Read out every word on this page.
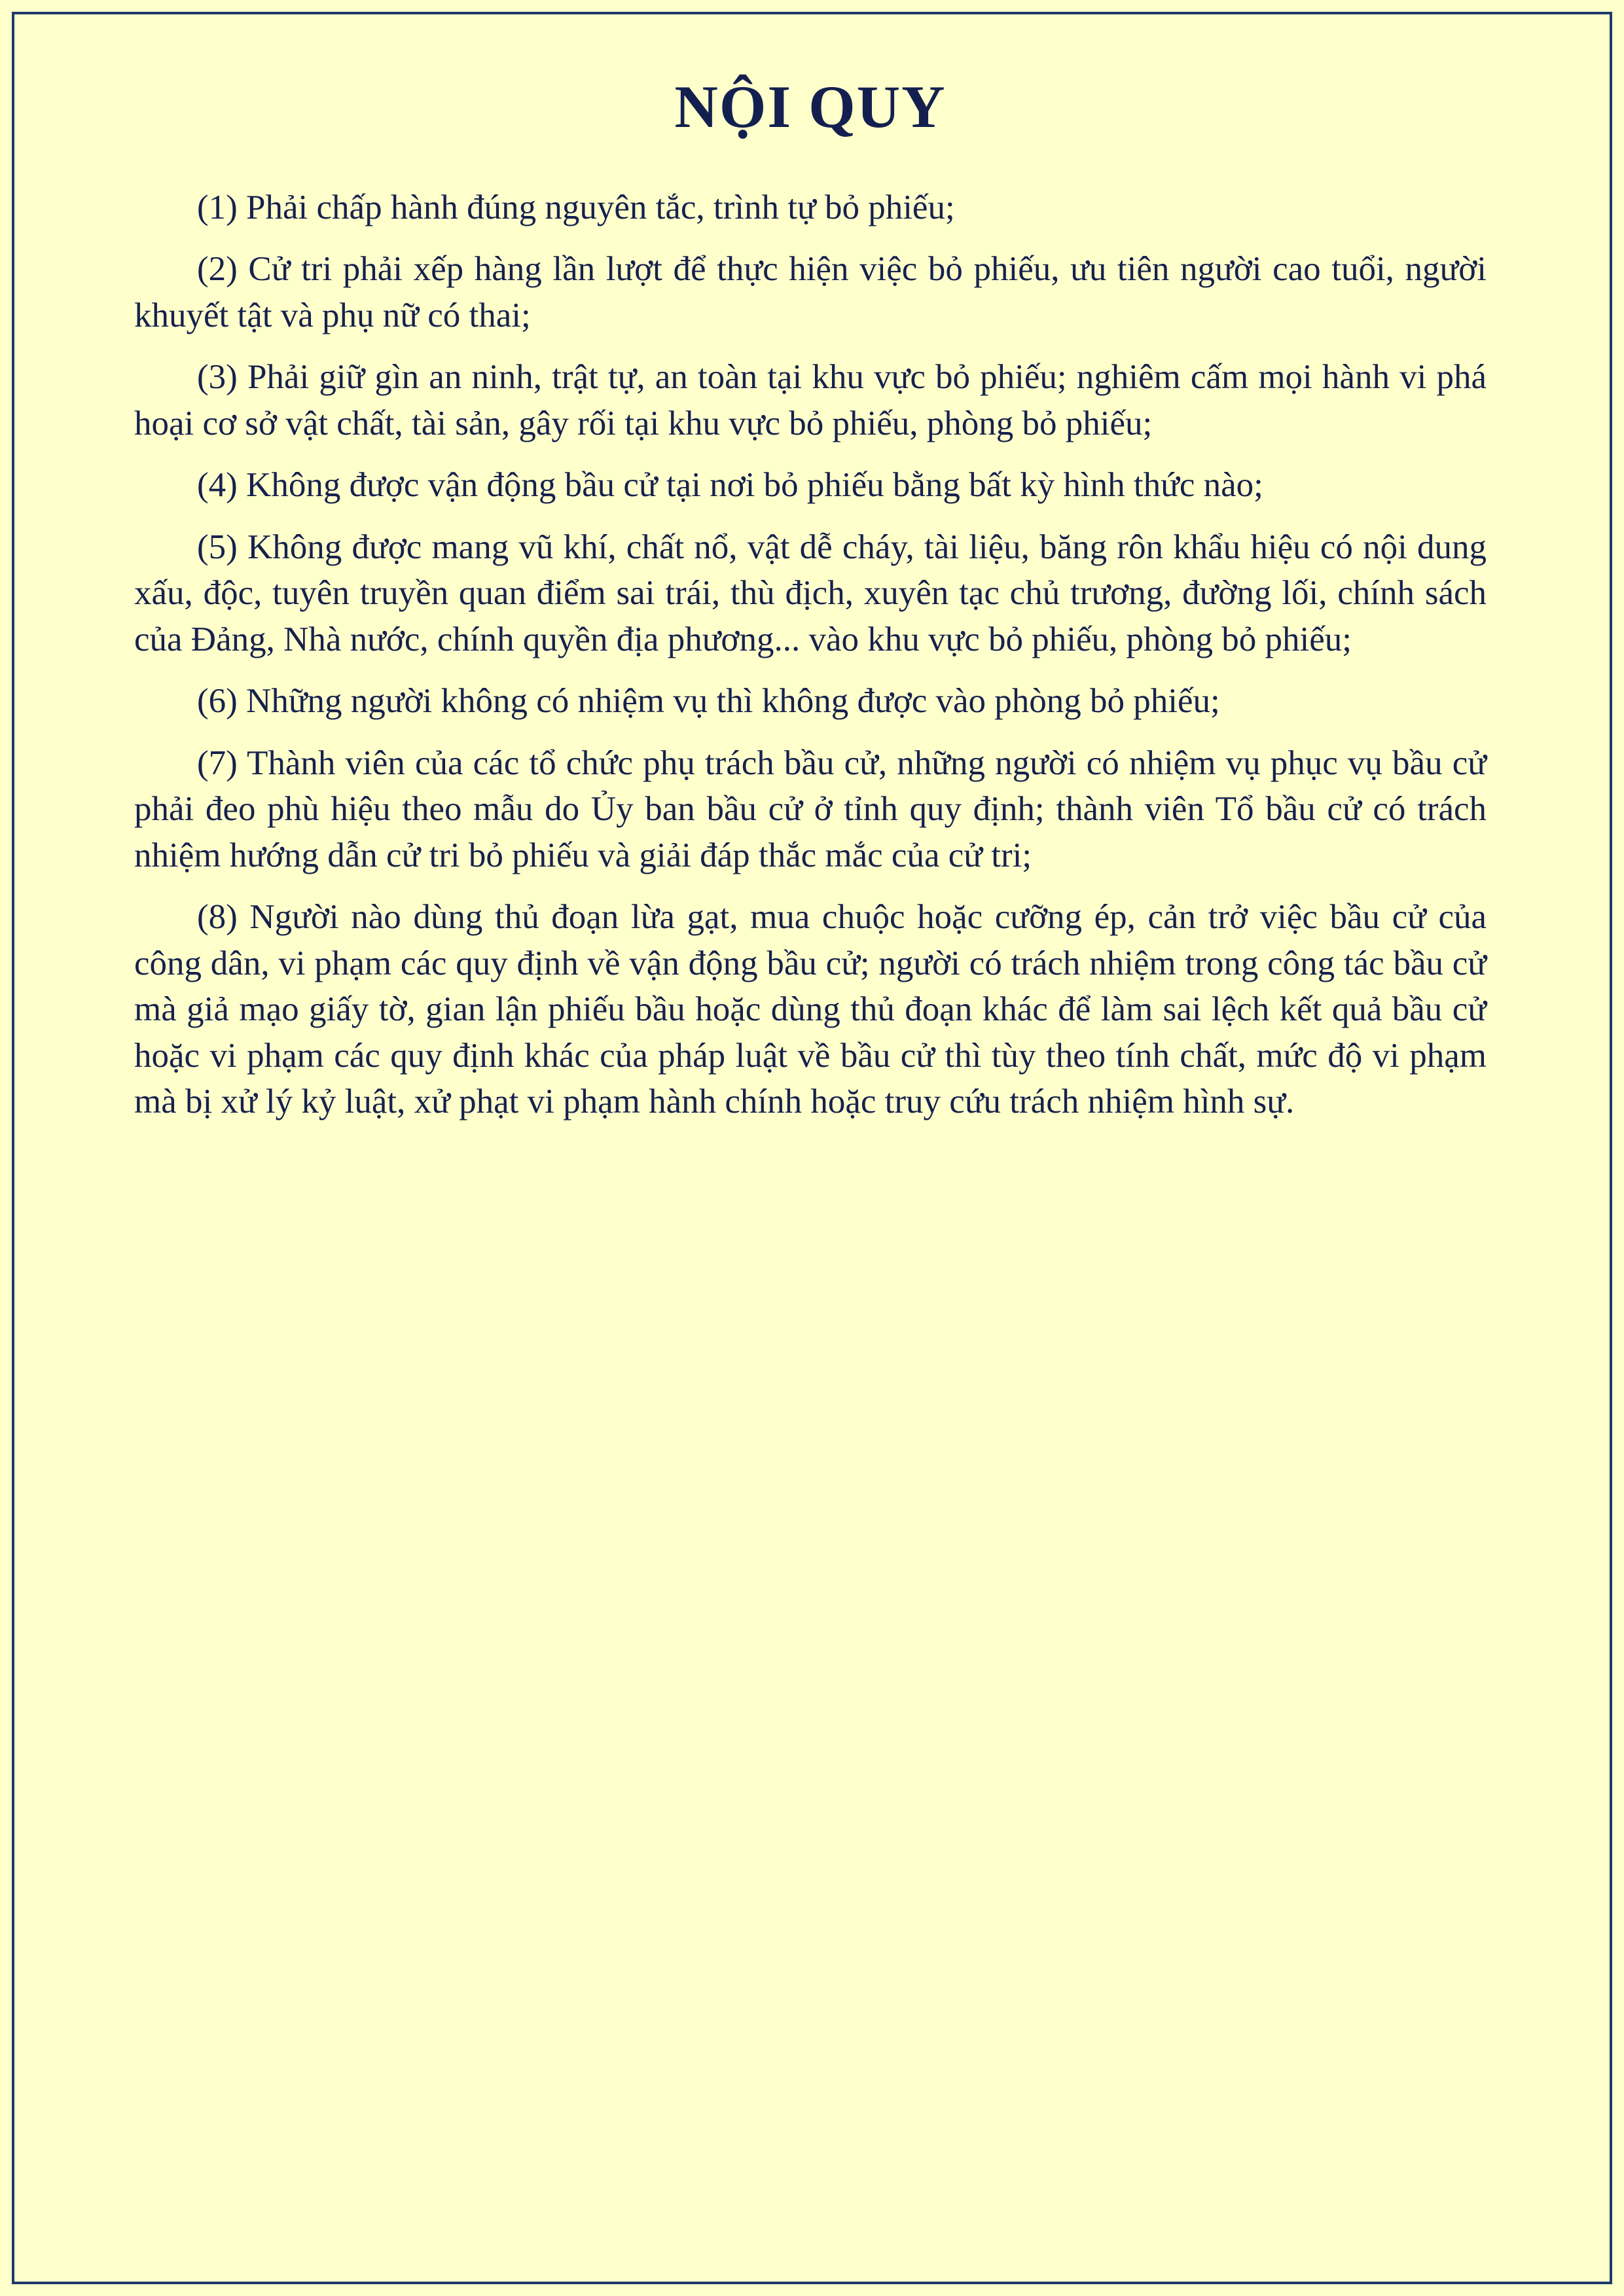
NỘI QUY

(1) Phải chấp hành đúng nguyên tắc, trình tự bỏ phiếu;

(2) Cử tri phải xếp hàng lần lượt để thực hiện việc bỏ phiếu, ưu tiên người cao tuổi, người khuyết tật và phụ nữ có thai;

(3) Phải giữ gìn an ninh, trật tự, an toàn tại khu vực bỏ phiếu; nghiêm cấm mọi hành vi phá hoại cơ sở vật chất, tài sản, gây rối tại khu vực bỏ phiếu, phòng bỏ phiếu;

(4) Không được vận động bầu cử tại nơi bỏ phiếu bằng bất kỳ hình thức nào;

(5) Không được mang vũ khí, chất nổ, vật dễ cháy, tài liệu, băng rôn khẩu hiệu có nội dung xấu, độc, tuyên truyền quan điểm sai trái, thù địch, xuyên tạc chủ trương, đường lối, chính sách của Đảng, Nhà nước, chính quyền địa phương... vào khu vực bỏ phiếu, phòng bỏ phiếu;

(6) Những người không có nhiệm vụ thì không được vào phòng bỏ phiếu;

(7) Thành viên của các tổ chức phụ trách bầu cử, những người có nhiệm vụ phục vụ bầu cử phải đeo phù hiệu theo mẫu do Ủy ban bầu cử ở tỉnh quy định; thành viên Tổ bầu cử có trách nhiệm hướng dẫn cử tri bỏ phiếu và giải đáp thắc mắc của cử tri;

(8) Người nào dùng thủ đoạn lừa gạt, mua chuộc hoặc cưỡng ép, cản trở việc bầu cử của công dân, vi phạm các quy định về vận động bầu cử; người có trách nhiệm trong công tác bầu cử mà giả mạo giấy tờ, gian lận phiếu bầu hoặc dùng thủ đoạn khác để làm sai lệch kết quả bầu cử hoặc vi phạm các quy định khác của pháp luật về bầu cử thì tùy theo tính chất, mức độ vi phạm mà bị xử lý kỷ luật, xử phạt vi phạm hành chính hoặc truy cứu trách nhiệm hình sự.
